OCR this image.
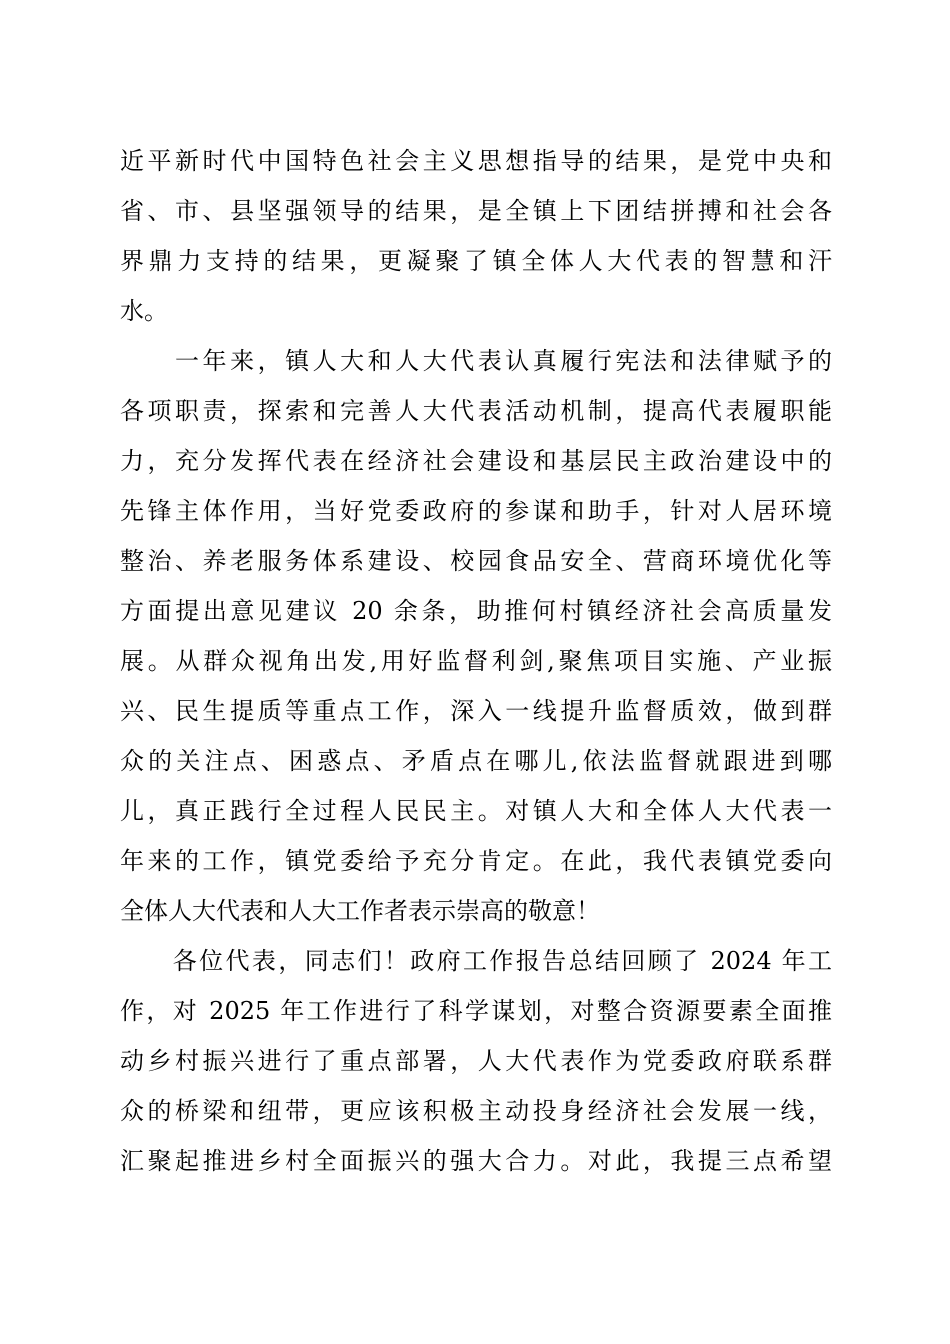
近平新时代中国特色社会主义思想指导的结果，是党中央和
省、市、县坚强领导的结果，是全镇上下团结拼搏和社会各
界鼎力支持的结果，更凝聚了镇全体人大代表的智慧和汗
水。
　　一年来，镇人大和人大代表认真履行宪法和法律赋予的
各项职责，探索和完善人大代表活动机制，提高代表履职能
力，充分发挥代表在经济社会建设和基层民主政治建设中的
先锋主体作用，当好党委政府的参谋和助手，针对人居环境
整治、养老服务体系建设、校园食品安全、营商环境优化等
方面提出意见建议 20 余条，助推何村镇经济社会高质量发
展。从群众视角出发,用好监督利剑,聚焦项目实施、产业振
兴、民生提质等重点工作，深入一线提升监督质效，做到群
众的关注点、困惑点、矛盾点在哪儿,依法监督就跟进到哪
儿，真正践行全过程人民民主。对镇人大和全体人大代表一
年来的工作，镇党委给予充分肯定。在此，我代表镇党委向
全体人大代表和人大工作者表示崇高的敬意！
　　各位代表，同志们！政府工作报告总结回顾了 2024 年工
作，对 2025 年工作进行了科学谋划，对整合资源要素全面推
动乡村振兴进行了重点部署，人大代表作为党委政府联系群
众的桥梁和纽带，更应该积极主动投身经济社会发展一线，
汇聚起推进乡村全面振兴的强大合力。对此，我提三点希望
